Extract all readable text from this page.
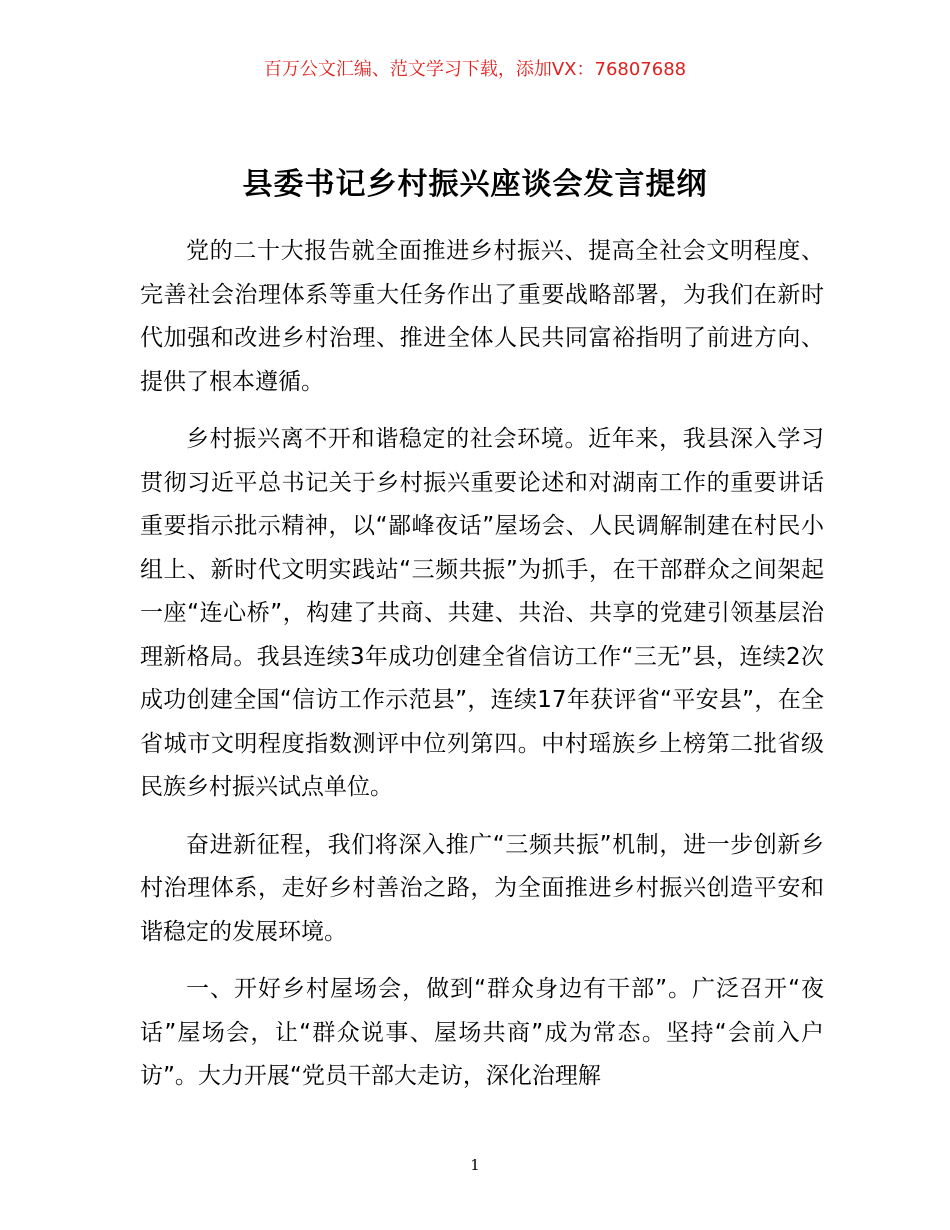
百万公文汇编、范文学习下载，添加VX：76807688
县委书记乡村振兴座谈会发言提纲

党的二十大报告就全面推进乡村振兴、提高全社会文明程度、完善社会治理体系等重大任务作出了重要战略部署，为我们在新时代加强和改进乡村治理、推进全体人民共同富裕指明了前进方向、提供了根本遵循。

乡村振兴离不开和谐稳定的社会环境。近年来，我县深入学习贯彻习近平总书记关于乡村振兴重要论述和对湖南工作的重要讲话重要指示批示精神，以“鄙峰夜话”屋场会、人民调解制建在村民小组上、新时代文明实践站“三频共振”为抓手，在干部群众之间架起一座“连心桥”，构建了共商、共建、共治、共享的党建引领基层治理新格局。我县连续3年成功创建全省信访工作“三无”县，连续2次成功创建全国“信访工作示范县”，连续17年获评省“平安县”，在全省城市文明程度指数测评中位列第四。中村瑶族乡上榜第二批省级民族乡村振兴试点单位。

奋进新征程，我们将深入推广“三频共振”机制，进一步创新乡村治理体系，走好乡村善治之路，为全面推进乡村振兴创造平安和谐稳定的发展环境。

一、开好乡村屋场会，做到“群众身边有干部”。广泛召开“夜话”屋场会，让“群众说事、屋场共商”成为常态。坚持“会前入户访”。大力开展“党员干部大走访，深化治理解

1
